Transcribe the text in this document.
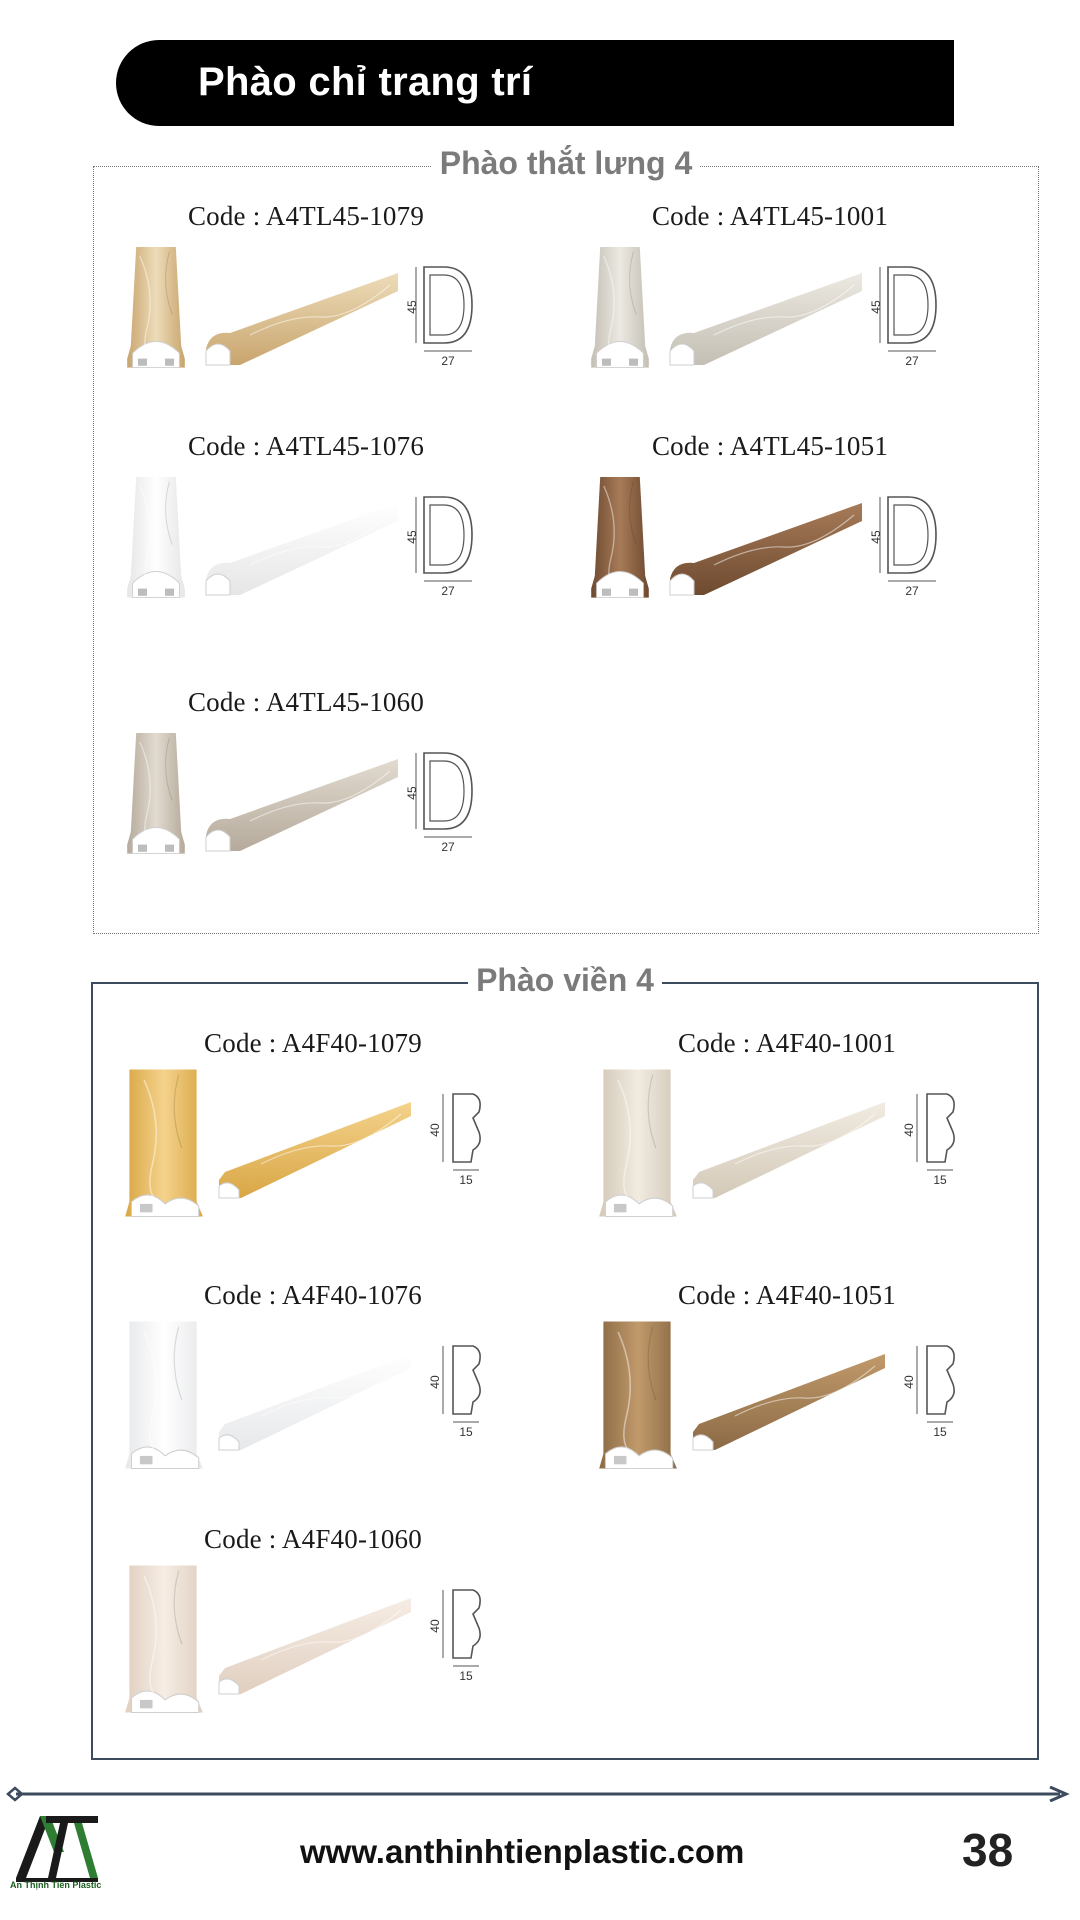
Phào chỉ trang trí
Phào thắt lưng 4
Code : A4TL45-1079
45
27
Code : A4TL45-1001
45
27
Code : A4TL45-1076
45
27
Code : A4TL45-1051
45
27
Code : A4TL45-1060
45
27
Phào viền 4
Code : A4F40-1079
40
15
Code : A4F40-1001
40
15
Code : A4F40-1076
40
15
Code : A4F40-1051
40
15
Code : A4F40-1060
40
15
An Thịnh Tiến Plastic
www.anthinhtienplastic.com	38
